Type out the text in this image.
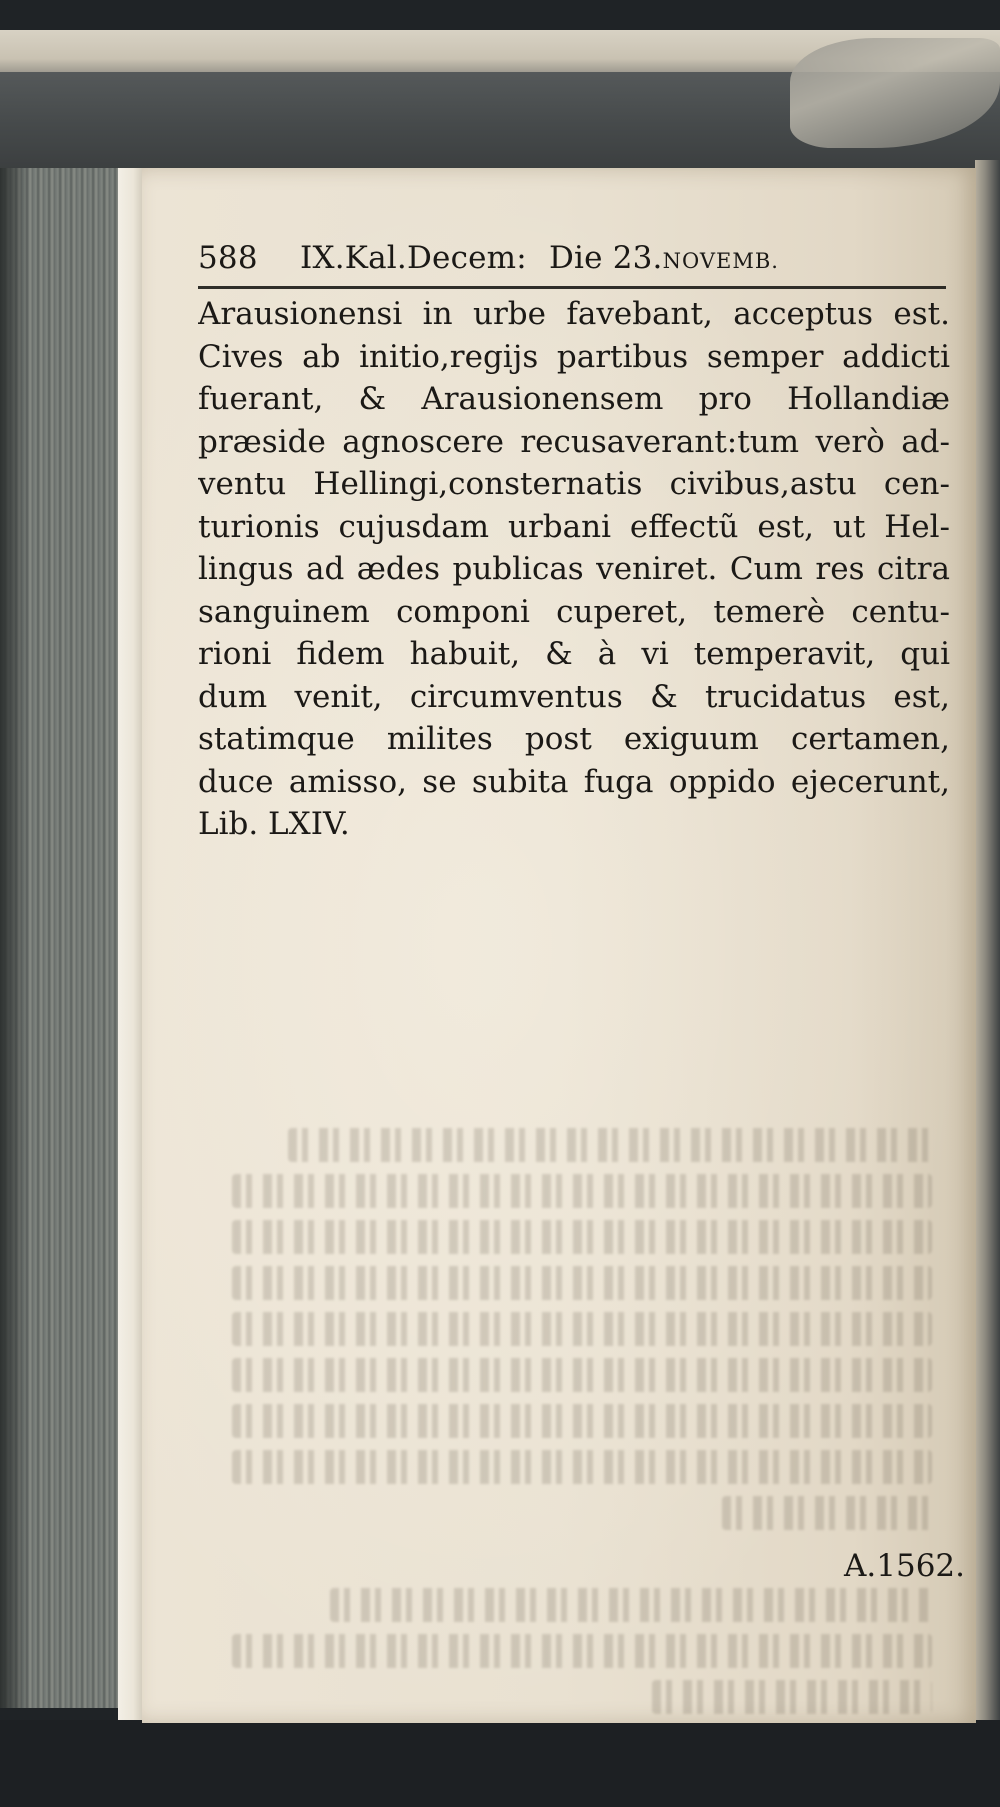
588	IX.Kal.Decem: Die 23.NOVEMB.
Arausionensi in urbe favebant, acceptus est.
Cives ab initio,regijs partibus semper addicti
fuerant, & Arausionensem pro Hollandiæ
præside agnoscere recusaverant:tum verò ad-
ventu Hellingi,consternatis civibus,astu cen-
turionis cujusdam urbani effectũ est, ut Hel-
lingus ad ædes publicas veniret. Cum res citra
sanguinem componi cuperet, temerè centu-
rioni fidem habuit, & à vi temperavit, qui
dum venit, circumventus & trucidatus est,
statimque milites post exiguum certamen,
duce amisso, se subita fuga oppido ejecerunt,
Lib. LXIV.
A.1562.
